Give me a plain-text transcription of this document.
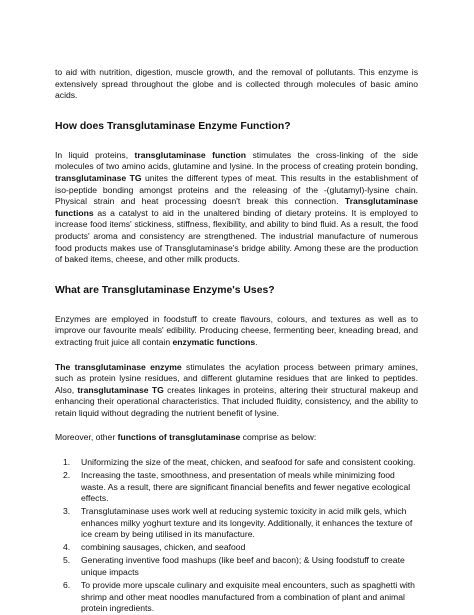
to aid with nutrition, digestion, muscle growth, and the removal of pollutants. This enzyme is extensively spread throughout the globe and is collected through molecules of basic amino acids.

How does Transglutaminase Enzyme Function?

In liquid proteins, transglutaminase function stimulates the cross-linking of the side molecules of two amino acids, glutamine and lysine. In the process of creating protein bonding, transglutaminase TG unites the different types of meat. This results in the establishment of iso-peptide bonding amongst proteins and the releasing of the -(glutamyl)-lysine chain. Physical strain and heat processing doesn't break this connection. Transglutaminase functions as a catalyst to aid in the unaltered binding of dietary proteins. It is employed to increase food items' stickiness, stiffness, flexibility, and ability to bind fluid. As a result, the food products' aroma and consistency are strengthened. The industrial manufacture of numerous food products makes use of Transglutaminase's bridge ability. Among these are the production of baked items, cheese, and other milk products.

What are Transglutaminase Enzyme's Uses?

Enzymes are employed in foodstuff to create flavours, colours, and textures as well as to improve our favourite meals' edibility. Producing cheese, fermenting beer, kneading bread, and extracting fruit juice all contain enzymatic functions.

The transglutaminase enzyme stimulates the acylation process between primary amines, such as protein lysine residues, and different glutamine residues that are linked to peptides. Also, transglutaminase TG creates linkages in proteins, altering their structural makeup and enhancing their operational characteristics. That included fluidity, consistency, and the ability to retain liquid without degrading the nutrient benefit of lysine.

Moreover, other functions of transglutaminase comprise as below:

1.	Uniformizing the size of the meat, chicken, and seafood for safe and consistent cooking.
2.	Increasing the taste, smoothness, and presentation of meals while minimizing food waste. As a result, there are significant financial benefits and fewer negative ecological effects.
3.	Transglutaminase uses work well at reducing systemic toxicity in acid milk gels, which enhances milky yoghurt texture and its longevity. Additionally, it enhances the texture of ice cream by being utilised in its manufacture.
4.	combining sausages, chicken, and seafood
5.	Generating inventive food mashups (like beef and bacon); & Using foodstuff to create unique impacts
6.	To provide more upscale culinary and exquisite meal encounters, such as spaghetti with shrimp and other meat noodles manufactured from a combination of plant and animal protein ingredients.
